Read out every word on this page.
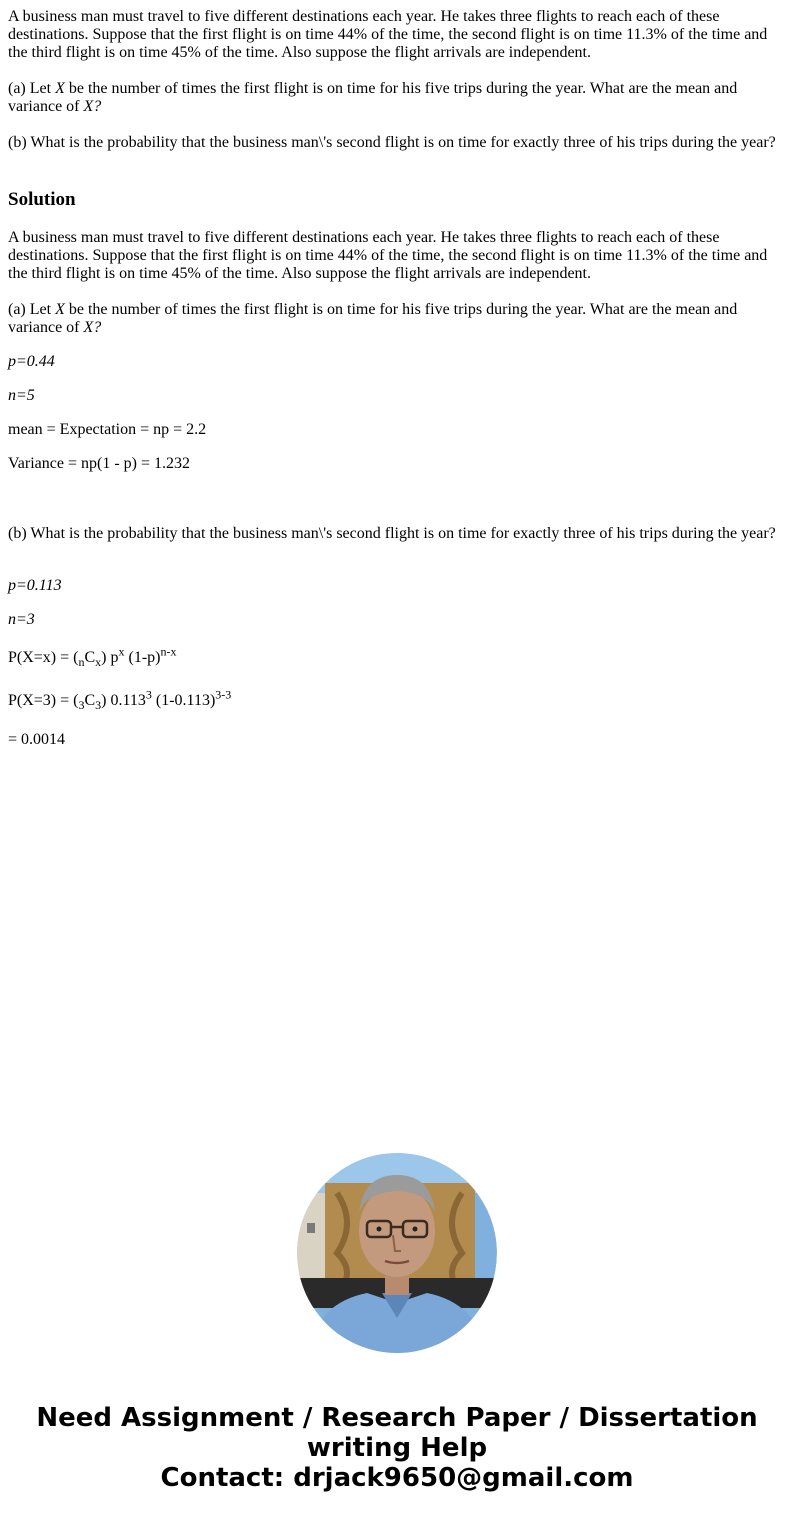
A business man must travel to five different destinations each year. He takes three flights to reach each of these destinations. Suppose that the first flight is on time 44% of the time, the second flight is on time 11.3% of the time and the third flight is on time 45% of the time. Also suppose the flight arrivals are independent.

(a) Let X be the number of times the first flight is on time for his five trips during the year. What are the mean and variance of X?

(b) What is the probability that the business man\'s second flight is on time for exactly three of his trips during the year?

Solution

A business man must travel to five different destinations each year. He takes three flights to reach each of these destinations. Suppose that the first flight is on time 44% of the time, the second flight is on time 11.3% of the time and the third flight is on time 45% of the time. Also suppose the flight arrivals are independent.

(a) Let X be the number of times the first flight is on time for his five trips during the year. What are the mean and variance of X?

p=0.44

n=5

mean = Expectation = np = 2.2

Variance = np(1 - p) = 1.232

(b) What is the probability that the business man\'s second flight is on time for exactly three of his trips during the year?

p=0.113

n=3

$P(X=x) = (_nC_x)$ $p^x$ $(1-p)^{n-x}$

$P(X=3) = (_3C_3)$ 0.113$^3$ $(1-0.113)^{3-3}$

= 0.0014

Need Assignment / Research Paper / Dissertation
writing Help
Contact: drjack9650@gmail.com
